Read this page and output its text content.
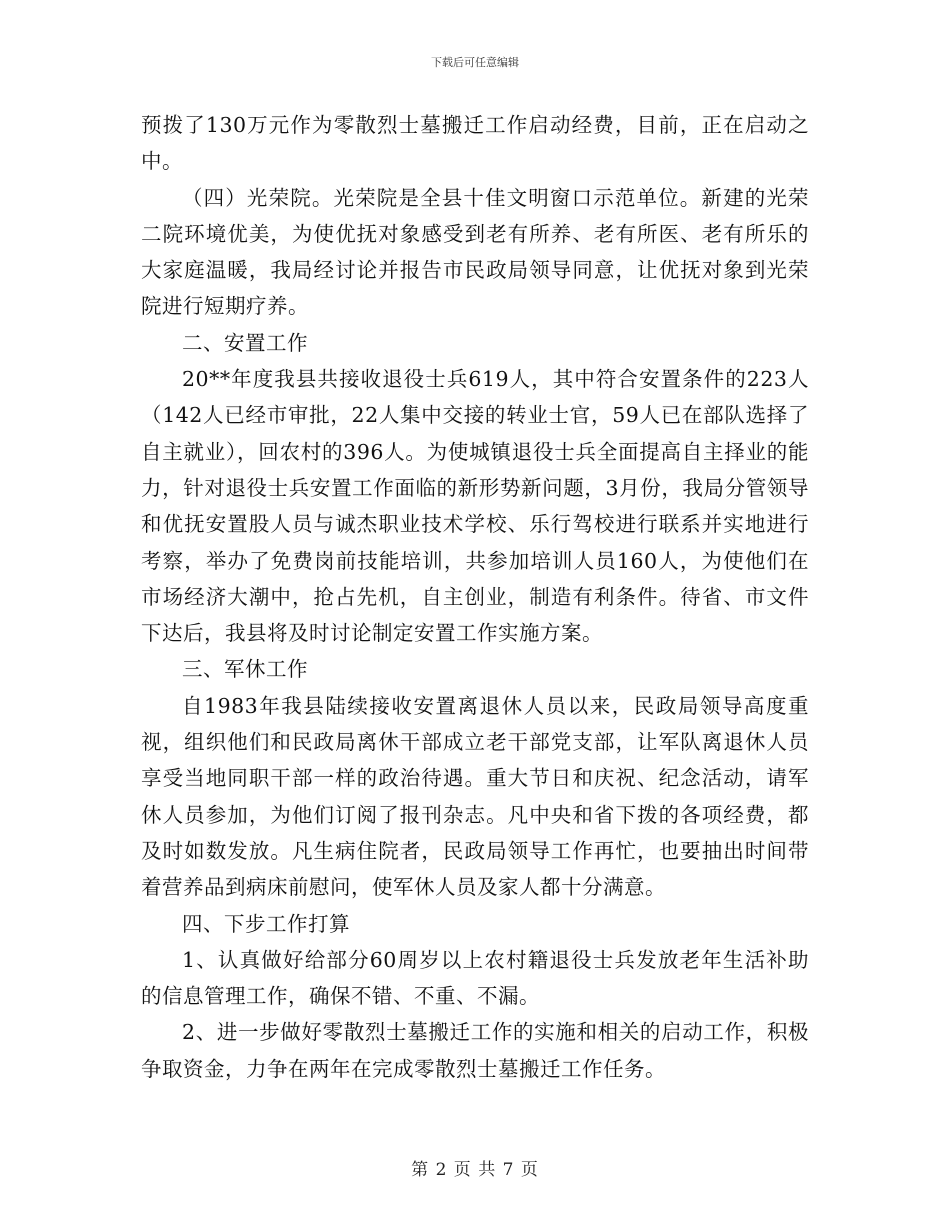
下载后可任意编辑

预拨了130万元作为零散烈士墓搬迁工作启动经费，目前，正在启动之中。

（四）光荣院。光荣院是全县十佳文明窗口示范单位。新建的光荣二院环境优美，为使优抚对象感受到老有所养、老有所医、老有所乐的大家庭温暖，我局经讨论并报告市民政局领导同意，让优抚对象到光荣院进行短期疗养。

二、安置工作

20**年度我县共接收退役士兵619人，其中符合安置条件的223人（142人已经市审批，22人集中交接的转业士官，59人已在部队选择了自主就业），回农村的396人。为使城镇退役士兵全面提高自主择业的能力，针对退役士兵安置工作面临的新形势新问题，3月份，我局分管领导和优抚安置股人员与诚杰职业技术学校、乐行驾校进行联系并实地进行考察，举办了免费岗前技能培训，共参加培训人员160人，为使他们在市场经济大潮中，抢占先机，自主创业，制造有利条件。待省、市文件下达后，我县将及时讨论制定安置工作实施方案。

三、军休工作

自1983年我县陆续接收安置离退休人员以来，民政局领导高度重视，组织他们和民政局离休干部成立老干部党支部，让军队离退休人员享受当地同职干部一样的政治待遇。重大节日和庆祝、纪念活动，请军休人员参加，为他们订阅了报刊杂志。凡中央和省下拨的各项经费，都及时如数发放。凡生病住院者，民政局领导工作再忙，也要抽出时间带着营养品到病床前慰问，使军休人员及家人都十分满意。

四、下步工作打算

1、认真做好给部分60周岁以上农村籍退役士兵发放老年生活补助的信息管理工作，确保不错、不重、不漏。

2、进一步做好零散烈士墓搬迁工作的实施和相关的启动工作，积极争取资金，力争在两年在完成零散烈士墓搬迁工作任务。

第 2 页 共 7 页
